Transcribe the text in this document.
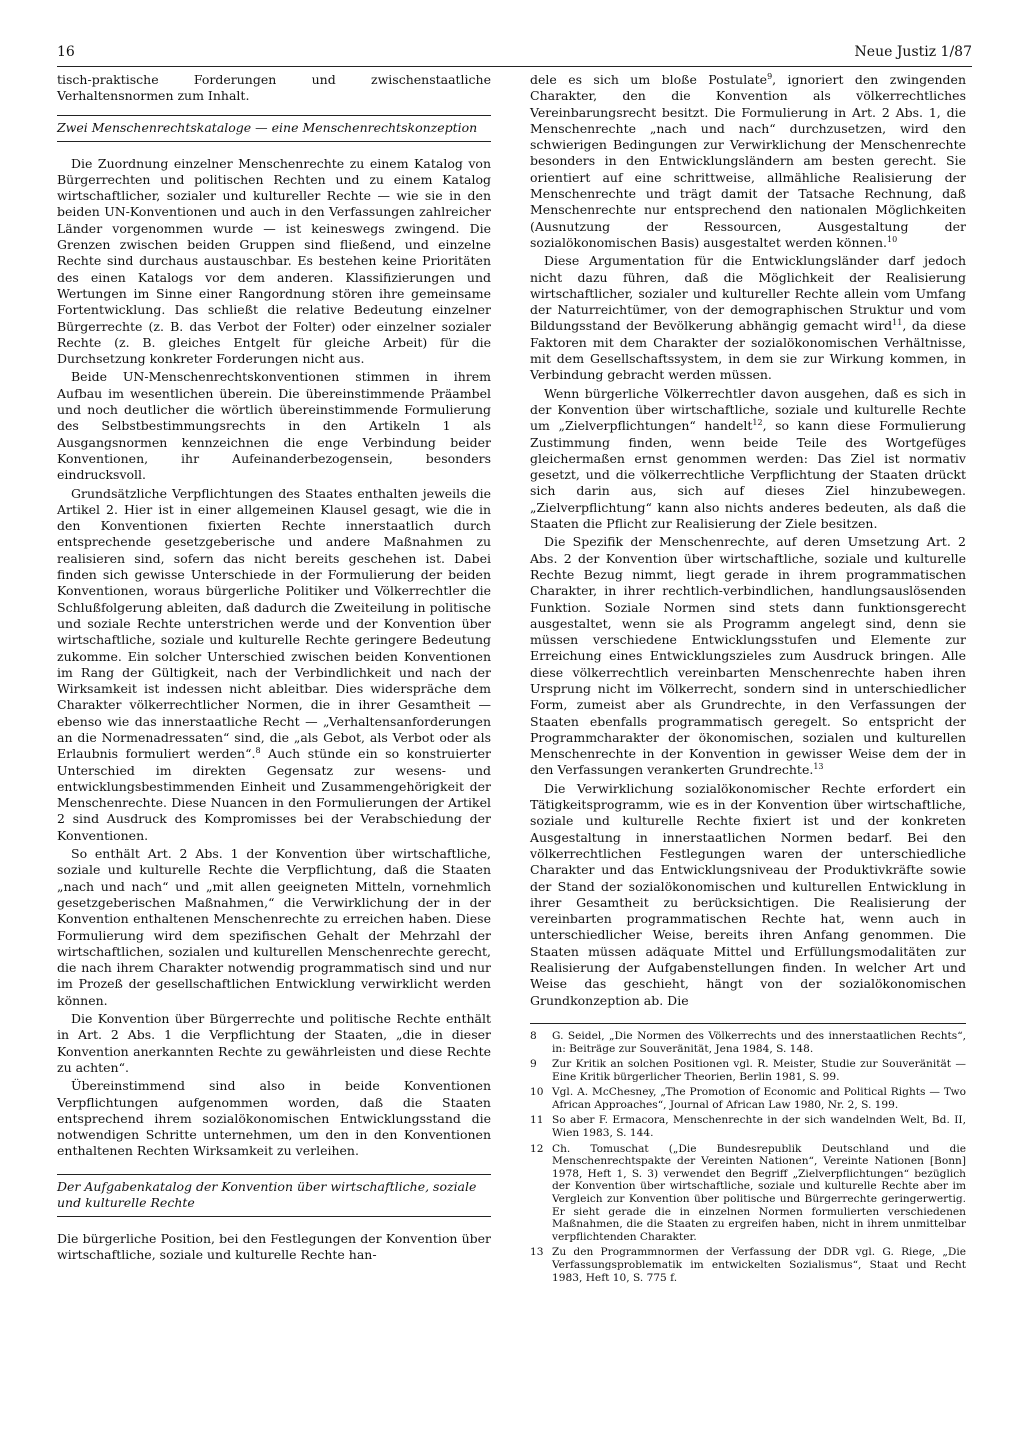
16	Neue Justiz 1/87

tisch-praktische Forderungen und zwischenstaatliche Verhaltensnormen zum Inhalt.

Zwei Menschenrechtskataloge — eine Menschenrechtskonzeption

Die Zuordnung einzelner Menschenrechte zu einem Katalog von Bürgerrechten und politischen Rechten und zu einem Katalog wirtschaftlicher, sozialer und kultureller Rechte — wie sie in den beiden UN-Konventionen und auch in den Verfassungen zahlreicher Länder vorgenommen wurde — ist keineswegs zwingend. Die Grenzen zwischen beiden Gruppen sind fließend, und einzelne Rechte sind durchaus austauschbar. Es bestehen keine Prioritäten des einen Katalogs vor dem anderen. Klassifizierungen und Wertungen im Sinne einer Rangordnung stören ihre gemeinsame Fortentwicklung. Das schließt die relative Bedeutung einzelner Bürgerrechte (z. B. das Verbot der Folter) oder einzelner sozialer Rechte (z. B. gleiches Entgelt für gleiche Arbeit) für die Durchsetzung konkreter Forderungen nicht aus.

Beide UN-Menschenrechtskonventionen stimmen in ihrem Aufbau im wesentlichen überein. Die übereinstimmende Präambel und noch deutlicher die wörtlich übereinstimmende Formulierung des Selbstbestimmungsrechts in den Artikeln 1 als Ausgangsnormen kennzeichnen die enge Verbindung beider Konventionen, ihr Aufeinanderbezogensein, besonders eindrucksvoll.

Grundsätzliche Verpflichtungen des Staates enthalten jeweils die Artikel 2. Hier ist in einer allgemeinen Klausel gesagt, wie die in den Konventionen fixierten Rechte innerstaatlich durch entsprechende gesetzgeberische und andere Maßnahmen zu realisieren sind, sofern das nicht bereits geschehen ist. Dabei finden sich gewisse Unterschiede in der Formulierung der beiden Konventionen, woraus bürgerliche Politiker und Völkerrechtler die Schlußfolgerung ableiten, daß dadurch die Zweiteilung in politische und soziale Rechte unterstrichen werde und der Konvention über wirtschaftliche, soziale und kulturelle Rechte geringere Bedeutung zukomme. Ein solcher Unterschied zwischen beiden Konventionen im Rang der Gültigkeit, nach der Verbindlichkeit und nach der Wirksamkeit ist indessen nicht ableitbar. Dies widerspräche dem Charakter völkerrechtlicher Normen, die in ihrer Gesamtheit — ebenso wie das innerstaatliche Recht — „Verhaltensanforderungen an die Normenadressaten“ sind, die „als Gebot, als Verbot oder als Erlaubnis formuliert werden“.$^8$ Auch stünde ein so konstruierter Unterschied im direkten Gegensatz zur wesens- und entwicklungsbestimmenden Einheit und Zusammengehörigkeit der Menschenrechte. Diese Nuancen in den Formulierungen der Artikel 2 sind Ausdruck des Kompromisses bei der Verabschiedung der Konventionen.

So enthält Art. 2 Abs. 1 der Konvention über wirtschaftliche, soziale und kulturelle Rechte die Verpflichtung, daß die Staaten „nach und nach“ und „mit allen geeigneten Mitteln, vornehmlich gesetzgeberischen Maßnahmen,“ die Verwirklichung der in der Konvention enthaltenen Menschenrechte zu erreichen haben. Diese Formulierung wird dem spezifischen Gehalt der Mehrzahl der wirtschaftlichen, sozialen und kulturellen Menschenrechte gerecht, die nach ihrem Charakter notwendig programmatisch sind und nur im Prozeß der gesellschaftlichen Entwicklung verwirklicht werden können.

Die Konvention über Bürgerrechte und politische Rechte enthält in Art. 2 Abs. 1 die Verpflichtung der Staaten, „die in dieser Konvention anerkannten Rechte zu gewährleisten und diese Rechte zu achten“.

Übereinstimmend sind also in beide Konventionen Verpflichtungen aufgenommen worden, daß die Staaten entsprechend ihrem sozialökonomischen Entwicklungsstand die notwendigen Schritte unternehmen, um den in den Konventionen enthaltenen Rechten Wirksamkeit zu verleihen.

Der Aufgabenkatalog der Konvention über wirtschaftliche, soziale und kulturelle Rechte

Die bürgerliche Position, bei den Festlegungen der Konvention über wirtschaftliche, soziale und kulturelle Rechte han-

dele es sich um bloße Postulate$^9$, ignoriert den zwingenden Charakter, den die Konvention als völkerrechtliches Vereinbarungsrecht besitzt. Die Formulierung in Art. 2 Abs. 1, die Menschenrechte „nach und nach“ durchzusetzen, wird den schwierigen Bedingungen zur Verwirklichung der Menschenrechte besonders in den Entwicklungsländern am besten gerecht. Sie orientiert auf eine schrittweise, allmähliche Realisierung der Menschenrechte und trägt damit der Tatsache Rechnung, daß Menschenrechte nur entsprechend den nationalen Möglichkeiten (Ausnutzung der Ressourcen, Ausgestaltung der sozialökonomischen Basis) ausgestaltet werden können.$^{10}$

Diese Argumentation für die Entwicklungsländer darf jedoch nicht dazu führen, daß die Möglichkeit der Realisierung wirtschaftlicher, sozialer und kultureller Rechte allein vom Umfang der Naturreichtümer, von der demographischen Struktur und vom Bildungsstand der Bevölkerung abhängig gemacht wird$^{11}$, da diese Faktoren mit dem Charakter der sozialökonomischen Verhältnisse, mit dem Gesellschaftssystem, in dem sie zur Wirkung kommen, in Verbindung gebracht werden müssen.

Wenn bürgerliche Völkerrechtler davon ausgehen, daß es sich in der Konvention über wirtschaftliche, soziale und kulturelle Rechte um „Zielverpflichtungen“ handelt$^{12}$, so kann diese Formulierung Zustimmung finden, wenn beide Teile des Wortgefüges gleichermaßen ernst genommen werden: Das Ziel ist normativ gesetzt, und die völkerrechtliche Verpflichtung der Staaten drückt sich darin aus, sich auf dieses Ziel hinzubewegen. „Zielverpflichtung“ kann also nichts anderes bedeuten, als daß die Staaten die Pflicht zur Realisierung der Ziele besitzen.

Die Spezifik der Menschenrechte, auf deren Umsetzung Art. 2 Abs. 2 der Konvention über wirtschaftliche, soziale und kulturelle Rechte Bezug nimmt, liegt gerade in ihrem programmatischen Charakter, in ihrer rechtlich-verbindlichen, handlungsauslösenden Funktion. Soziale Normen sind stets dann funktionsgerecht ausgestaltet, wenn sie als Programm angelegt sind, denn sie müssen verschiedene Entwicklungsstufen und Elemente zur Erreichung eines Entwicklungszieles zum Ausdruck bringen. Alle diese völkerrechtlich vereinbarten Menschenrechte haben ihren Ursprung nicht im Völkerrecht, sondern sind in unterschiedlicher Form, zumeist aber als Grundrechte, in den Verfassungen der Staaten ebenfalls programmatisch geregelt. So entspricht der Programmcharakter der ökonomischen, sozialen und kulturellen Menschenrechte in der Konvention in gewisser Weise dem der in den Verfassungen verankerten Grundrechte.$^{13}$

Die Verwirklichung sozialökonomischer Rechte erfordert ein Tätigkeitsprogramm, wie es in der Konvention über wirtschaftliche, soziale und kulturelle Rechte fixiert ist und der konkreten Ausgestaltung in innerstaatlichen Normen bedarf. Bei den völkerrechtlichen Festlegungen waren der unterschiedliche Charakter und das Entwicklungsniveau der Produktivkräfte sowie der Stand der sozialökonomischen und kulturellen Entwicklung in ihrer Gesamtheit zu berücksichtigen. Die Realisierung der vereinbarten programmatischen Rechte hat, wenn auch in unterschiedlicher Weise, bereits ihren Anfang genommen. Die Staaten müssen adäquate Mittel und Erfüllungsmodalitäten zur Realisierung der Aufgabenstellungen finden. In welcher Art und Weise das geschieht, hängt von der sozialökonomischen Grundkonzeption ab. Die

8	G. Seidel, „Die Normen des Völkerrechts und des innerstaatlichen Rechts“, in: Beiträge zur Souveränität, Jena 1984, S. 148.
9	Zur Kritik an solchen Positionen vgl. R. Meister, Studie zur Souveränität — Eine Kritik bürgerlicher Theorien, Berlin 1981, S. 99.
10 Vgl. A. McChesney, „The Promotion of Economic and Political Rights — Two African Approaches“, Journal of African Law 1980, Nr. 2, S. 199.
11 So aber F. Ermacora, Menschenrechte in der sich wandelnden Welt, Bd. II, Wien 1983, S. 144.
12 Ch. Tomuschat („Die Bundesrepublik Deutschland und die Menschenrechtspakte der Vereinten Nationen“, Vereinte Nationen [Bonn] 1978, Heft 1, S. 3) verwendet den Begriff „Zielverpflichtungen“ bezüglich der Konvention über wirtschaftliche, soziale und kulturelle Rechte aber im Vergleich zur Konvention über politische und Bürgerrechte geringerwertig. Er sieht gerade die in einzelnen Normen formulierten verschiedenen Maßnahmen, die die Staaten zu ergreifen haben, nicht in ihrem unmittelbar verpflichtenden Charakter.
13 Zu den Programmnormen der Verfassung der DDR vgl. G. Riege, „Die Verfassungsproblematik im entwickelten Sozialismus“, Staat und Recht 1983, Heft 10, S. 775 f.
